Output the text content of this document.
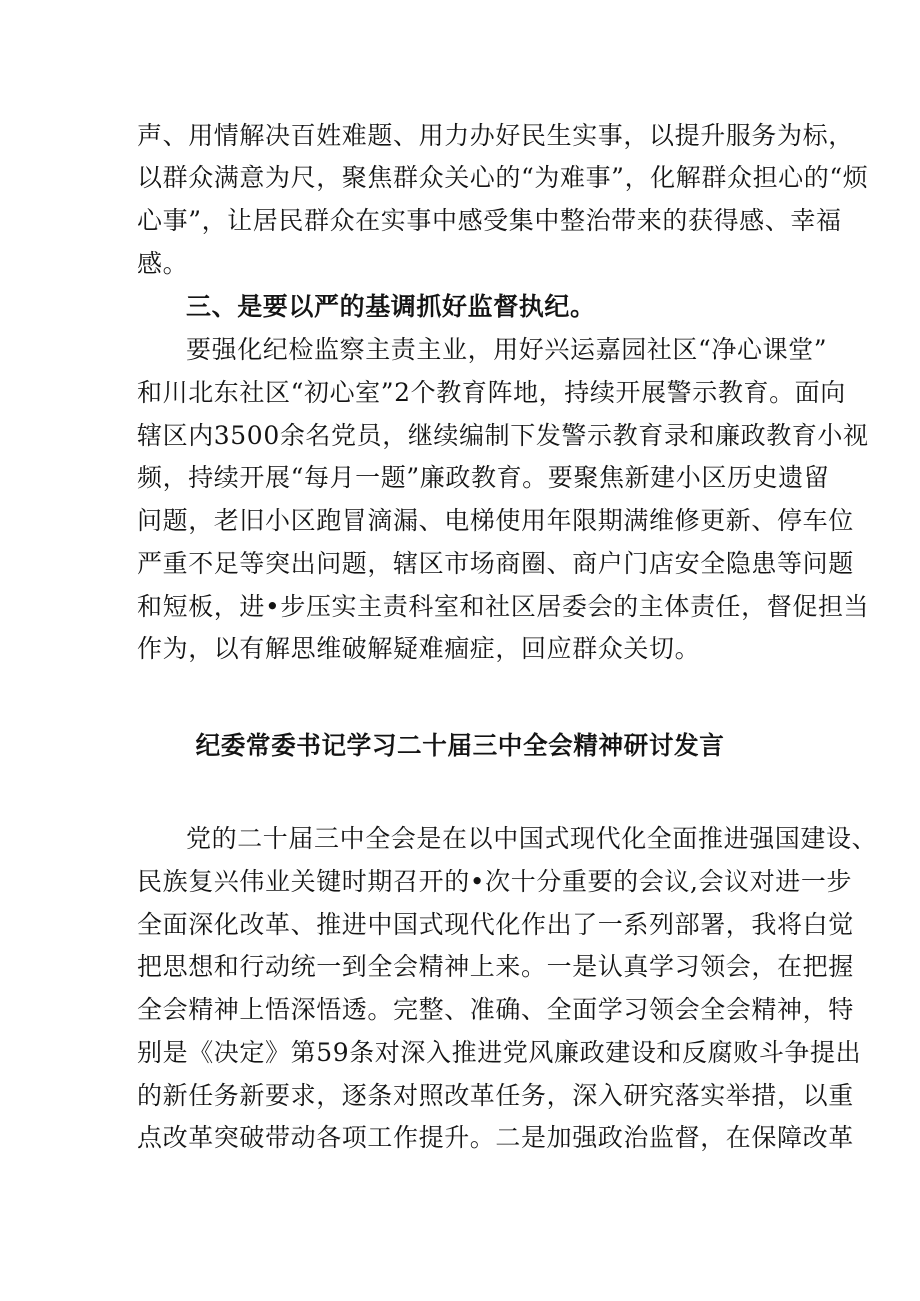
声、用情解决百姓难题、用力办好民生实事，以提升服务为标，
以群众满意为尺，聚焦群众关心的“为难事”，化解群众担心的“烦
心事”，让居民群众在实事中感受集中整治带来的获得感、幸福
感。
三、是要以严的基调抓好监督执纪。
要强化纪检监察主责主业，用好兴运嘉园社区“净心课堂”
和川北东社区“初心室”2个教育阵地，持续开展警示教育。面向
辖区内3500余名党员，继续编制下发警示教育录和廉政教育小视
频，持续开展“每月一题”廉政教育。要聚焦新建小区历史遗留
问题，老旧小区跑冒滴漏、电梯使用年限期满维修更新、停车位
严重不足等突出问题，辖区市场商圈、商户门店安全隐患等问题
和短板，进•步压实主责科室和社区居委会的主体责任，督促担当
作为，以有解思维破解疑难痼症，回应群众关切。
纪委常委书记学习二十届三中全会精神研讨发言
党的二十届三中全会是在以中国式现代化全面推进强国建设、
民族复兴伟业关键时期召开的•次十分重要的会议,会议对进一步
全面深化改革、推进中国式现代化作出了一系列部署，我将白觉
把思想和行动统一到全会精神上来。一是认真学习领会，在把握
全会精神上悟深悟透。完整、准确、全面学习领会全会精神，特
别是《决定》第59条对深入推进党风廉政建设和反腐败斗争提出
的新任务新要求，逐条对照改革任务，深入研究落实举措，以重
点改革突破带动各项工作提升。二是加强政治监督，在保障改革
